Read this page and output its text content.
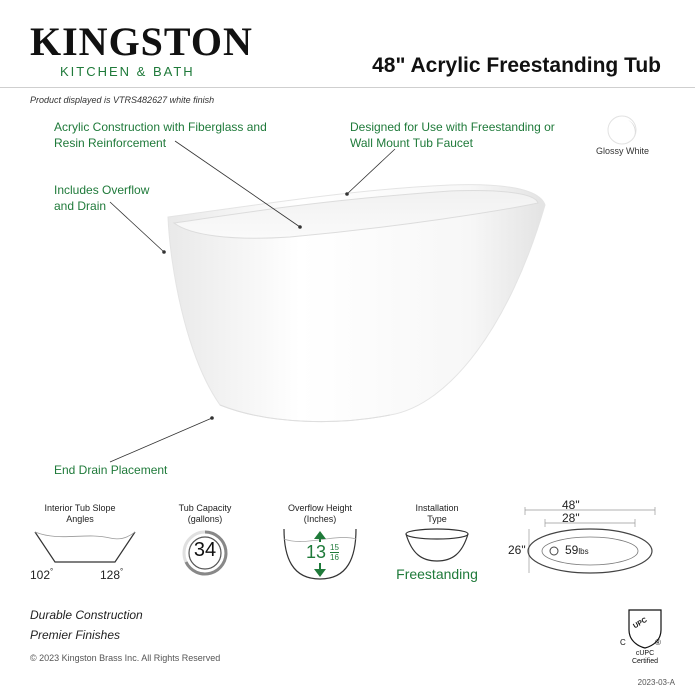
KINGSTON
KITCHEN & BATH	48" Acrylic Freestanding Tub
Product displayed is VTRS482627 white finish
Acrylic Construction with Fiberglass and
Resin Reinforcement
Designed for Use with Freestanding or
Wall Mount Tub Faucet
Includes Overflow
and Drain
End Drain Placement
Glossy White
Interior Tub Slope
Angles
102°	128°
Tub Capacity
(gallons)
34
Overflow Height
(Inches)
$13 \frac{15}{16}$
Installation
Type
Freestanding
48"
28"
26"	59lbs
Durable Construction
Premier Finishes
© 2023 Kingston Brass Inc. All Rights Reserved
UPC
C	®
cUPC
Certified
2023-03-A
